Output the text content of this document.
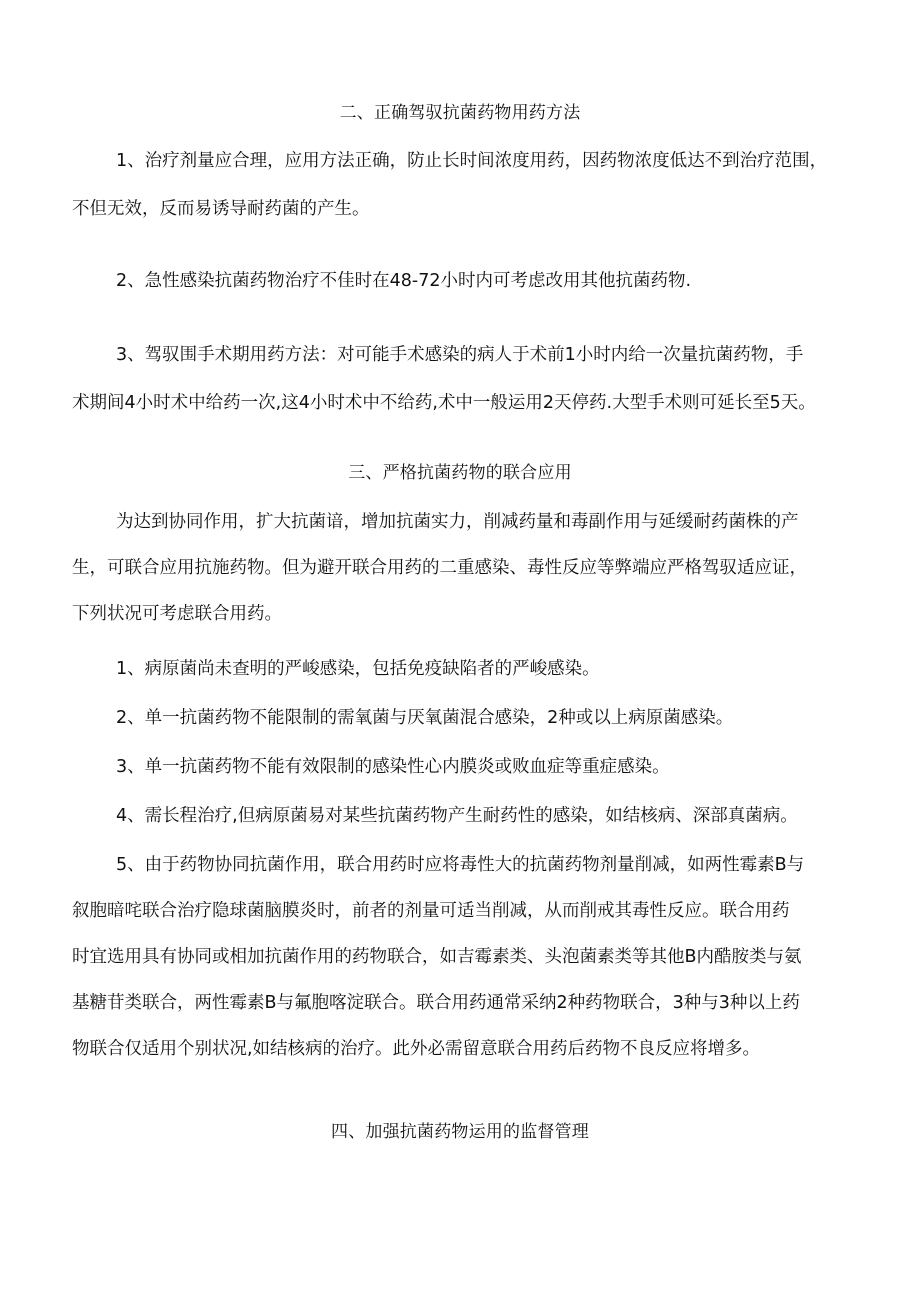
二、正确驾驭抗菌药物用药方法
1、治疗剂量应合理，应用方法正确，防止长时间浓度用药，因药物浓度低达不到治疗范围，
不但无效，反而易诱导耐药菌的产生。
2、急性感染抗菌药物治疗不佳时在48-72小时内可考虑改用其他抗菌药物.
3、驾驭围手术期用药方法：对可能手术感染的病人于术前1小时内给一次量抗菌药物，手
术期间4小时术中给药一次,这4小时术中不给药,术中一般运用2天停药.大型手术则可延长至5天。
三、严格抗菌药物的联合应用
为达到协同作用，扩大抗菌谙，增加抗菌实力，削减药量和毒副作用与延缓耐药菌株的产
生，可联合应用抗施药物。但为避开联合用药的二重感染、毒性反应等弊端应严格驾驭适应证，
下列状况可考虑联合用药。
1、病原菌尚未查明的严峻感染，包括免疫缺陷者的严峻感染。
2、单一抗菌药物不能限制的需氧菌与厌氧菌混合感染，2种或以上病原菌感染。
3、单一抗菌药物不能有效限制的感染性心内膜炎或败血症等重症感染。
4、需长程治疗,但病原菌易对某些抗菌药物产生耐药性的感染，如结核病、深部真菌病。
5、由于药物协同抗菌作用，联合用药时应将毒性大的抗菌药物剂量削减，如两性霉素B与
叙胞暗咤联合治疗隐球菌脑膜炎时，前者的剂量可适当削减，从而削戒其毒性反应。联合用药
时宜选用具有协同或相加抗菌作用的药物联合，如吉霉素类、头泡菌素类等其他B内酷胺类与氨
基糖苷类联合，两性霉素B与氟胞喀淀联合。联合用药通常采纳2种药物联合，3种与3种以上药
物联合仅适用个别状况,如结核病的治疗。此外必需留意联合用药后药物不良反应将增多。
四、加强抗菌药物运用的监督管理
